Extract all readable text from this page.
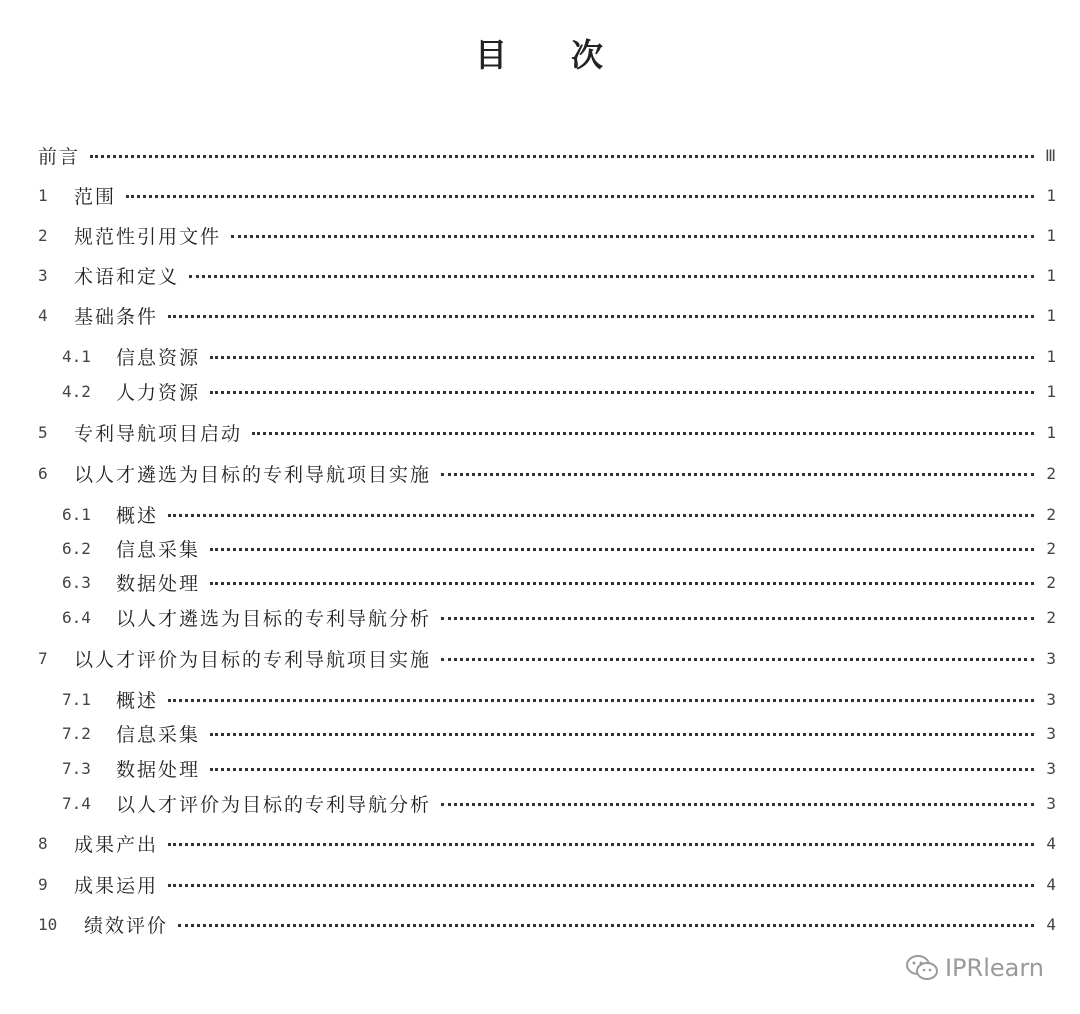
目 次
前言	Ⅲ
1	范围	1
2	规范性引用文件	1
3	术语和定义	1
4	基础条件	1
4.1	信息资源	1
4.2	人力资源	1
5	专利导航项目启动	1
6	以人才遴选为目标的专利导航项目实施	2
6.1	概述	2
6.2	信息采集	2
6.3	数据处理	2
6.4	以人才遴选为目标的专利导航分析	2
7	以人才评价为目标的专利导航项目实施	3
7.1	概述	3
7.2	信息采集	3
7.3	数据处理	3
7.4	以人才评价为目标的专利导航分析	3
8	成果产出	4
9	成果运用	4
10	绩效评价	4
IPRlearn
